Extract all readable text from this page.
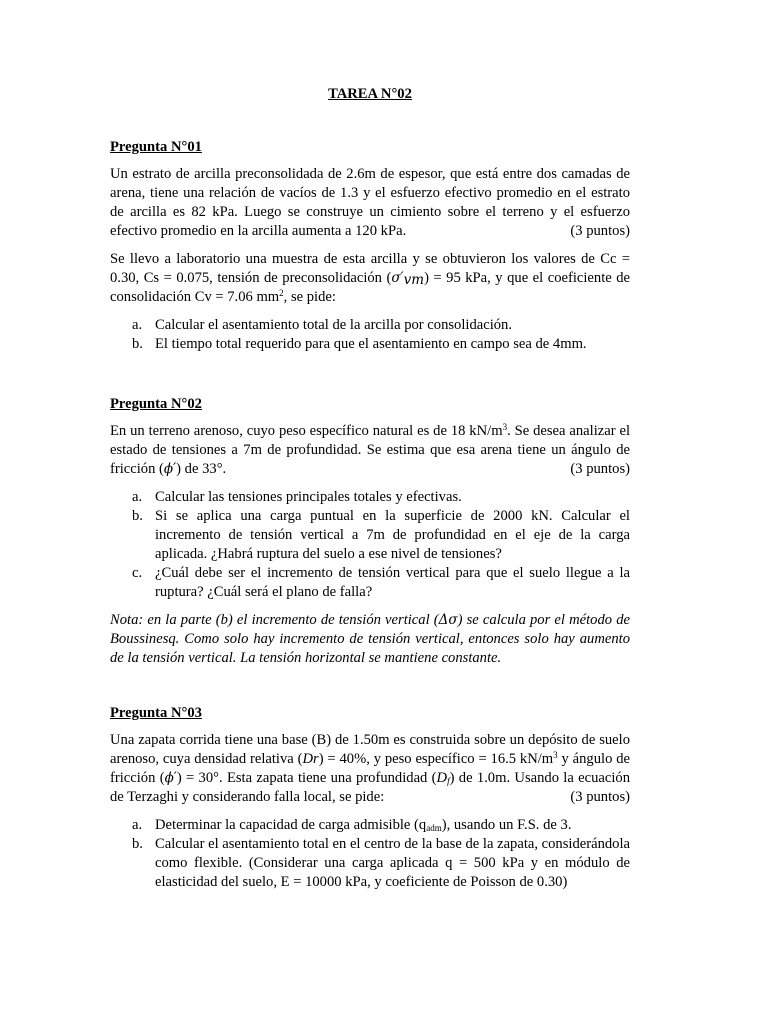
TAREA N°02
Pregunta N°01

Un estrato de arcilla preconsolidada de 2.6m de espesor, que está entre dos camadas de arena, tiene una relación de vacíos de 1.3 y el esfuerzo efectivo promedio en el estrato de arcilla es 82 kPa. Luego se construye un cimiento sobre el terreno y el esfuerzo efectivo promedio en la arcilla aumenta a 120 kPa.	(3 puntos)

Se llevo a laboratorio una muestra de esta arcilla y se obtuvieron los valores de Cc = 0.30, Cs = 0.075, tensión de preconsolidación $(\sigma'_{vm}) = 95$ kPa, y que el coeficiente de consolidación Cv = 7.06 $mm^2$, se pide:

a. Calcular el asentamiento total de la arcilla por consolidación.
b. El tiempo total requerido para que el asentamiento en campo sea de 4mm.
Pregunta N°02

En un terreno arenoso, cuyo peso específico natural es de 18 $kN/m^3$. Se desea analizar el estado de tensiones a 7m de profundidad. Se estima que esa arena tiene un ángulo de fricción (ϕ′) de 33°.	(3 puntos)

a. Calcular las tensiones principales totales y efectivas.
b. Si se aplica una carga puntual en la superficie de 2000 kN. Calcular el incremento de tensión vertical a 7m de profundidad en el eje de la carga aplicada. ¿Habrá ruptura del suelo a ese nivel de tensiones?
c. ¿Cuál debe ser el incremento de tensión vertical para que el suelo llegue a la ruptura? ¿Cuál será el plano de falla?

Nota: en la parte (b) el incremento de tensión vertical (Δσ) se calcula por el método de Boussinesq. Como solo hay incremento de tensión vertical, entonces solo hay aumento de la tensión vertical. La tensión horizontal se mantiene constante.

Pregunta N°03

Una zapata corrida tiene una base (B) de 1.50m es construida sobre un depósito de suelo arenoso, cuya densidad relativa (Dr) = 40%, y peso específico = 16.5 $kN/m^3$ y ángulo de fricción (ϕ′) = 30°. Esta zapata tiene una profundidad $(D_f)$ de 1.0m. Usando la ecuación de Terzaghi y considerando falla local, se pide:	(3 puntos)

a. Determinar la capacidad de carga admisible $(q_{adm})$, usando un F.S. de 3.
b. Calcular el asentamiento total en el centro de la base de la zapata, considerándola como flexible. (Considerar una carga aplicada q = 500 kPa y en módulo de elasticidad del suelo, E = 10000 kPa, y coeficiente de Poisson de 0.30)
